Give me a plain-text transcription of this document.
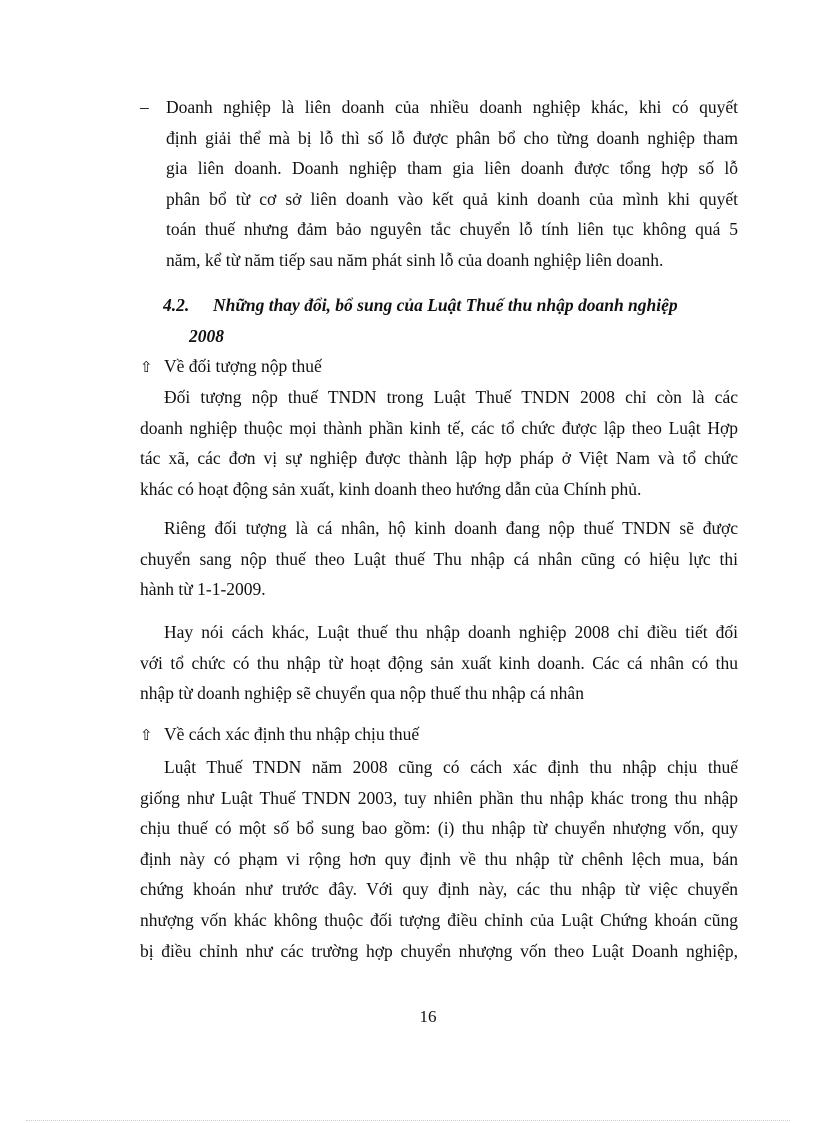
– Doanh nghiệp là liên doanh của nhiều doanh nghiệp khác, khi có quyết
định giải thể mà bị lỗ thì số lỗ được phân bổ cho từng doanh nghiệp tham
gia liên doanh. Doanh nghiệp tham gia liên doanh được tổng hợp số lỗ
phân bổ từ cơ sở liên doanh vào kết quả kinh doanh của mình khi quyết
toán thuế nhưng đảm bảo nguyên tắc chuyển lỗ tính liên tục không quá 5
năm, kể từ năm tiếp sau năm phát sinh lỗ của doanh nghiệp liên doanh.
4.2. Những thay đổi, bổ sung của Luật Thuế thu nhập doanh nghiệp
2008
⇧ Về đối tượng nộp thuế
Đối tượng nộp thuế TNDN trong Luật Thuế TNDN 2008 chỉ còn là các
doanh nghiệp thuộc mọi thành phần kinh tế, các tổ chức được lập theo Luật Hợp
tác xã, các đơn vị sự nghiệp được thành lập hợp pháp ở Việt Nam và tổ chức
khác có hoạt động sản xuất, kinh doanh theo hướng dẫn của Chính phủ.
Riêng đối tượng là cá nhân, hộ kinh doanh đang nộp thuế TNDN sẽ được
chuyển sang nộp thuế theo Luật thuế Thu nhập cá nhân cũng có hiệu lực thi
hành từ 1-1-2009.
Hay nói cách khác, Luật thuế thu nhập doanh nghiệp 2008 chỉ điều tiết đối
với tổ chức có thu nhập từ hoạt động sản xuất kinh doanh. Các cá nhân có thu
nhập từ doanh nghiệp sẽ chuyển qua nộp thuế thu nhập cá nhân
⇧ Về cách xác định thu nhập chịu thuế
Luật Thuế TNDN năm 2008 cũng có cách xác định thu nhập chịu thuế
giống như Luật Thuế TNDN 2003, tuy nhiên phần thu nhập khác trong thu nhập
chịu thuế có một số bổ sung bao gồm: (i) thu nhập từ chuyển nhượng vốn, quy
định này có phạm vi rộng hơn quy định về thu nhập từ chênh lệch mua, bán
chứng khoán như trước đây. Với quy định này, các thu nhập từ việc chuyển
nhượng vốn khác không thuộc đối tượng điều chỉnh của Luật Chứng khoán cũng
bị điều chỉnh như các trường hợp chuyển nhượng vốn theo Luật Doanh nghiệp,
16
